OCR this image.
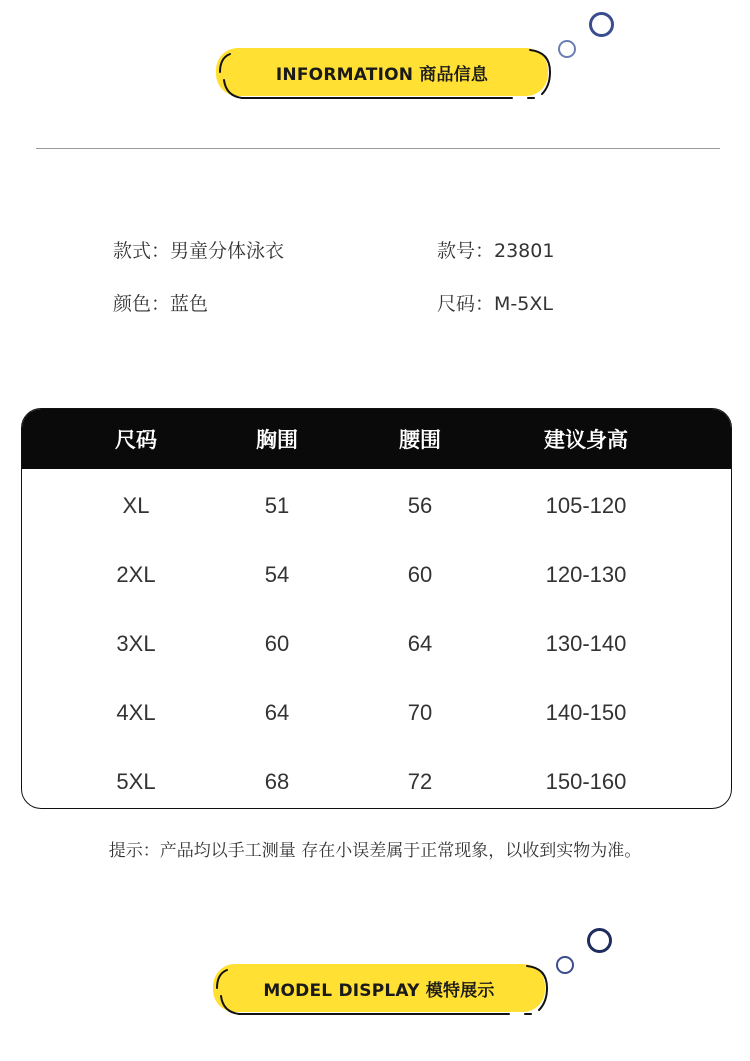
INFORMATION 商品信息
款式：男童分体泳衣	款号：23801
颜色：蓝色	尺码：M-5XL
尺码	胸围	腰围	建议身高
XL	51	56	105-120
2XL	54	60	120-130
3XL	60	64	130-140
4XL	64	70	140-150
5XL	68	72	150-160
提示：产品均以手工测量 存在小误差属于正常现象，以收到实物为准。
MODEL DISPLAY 模特展示
